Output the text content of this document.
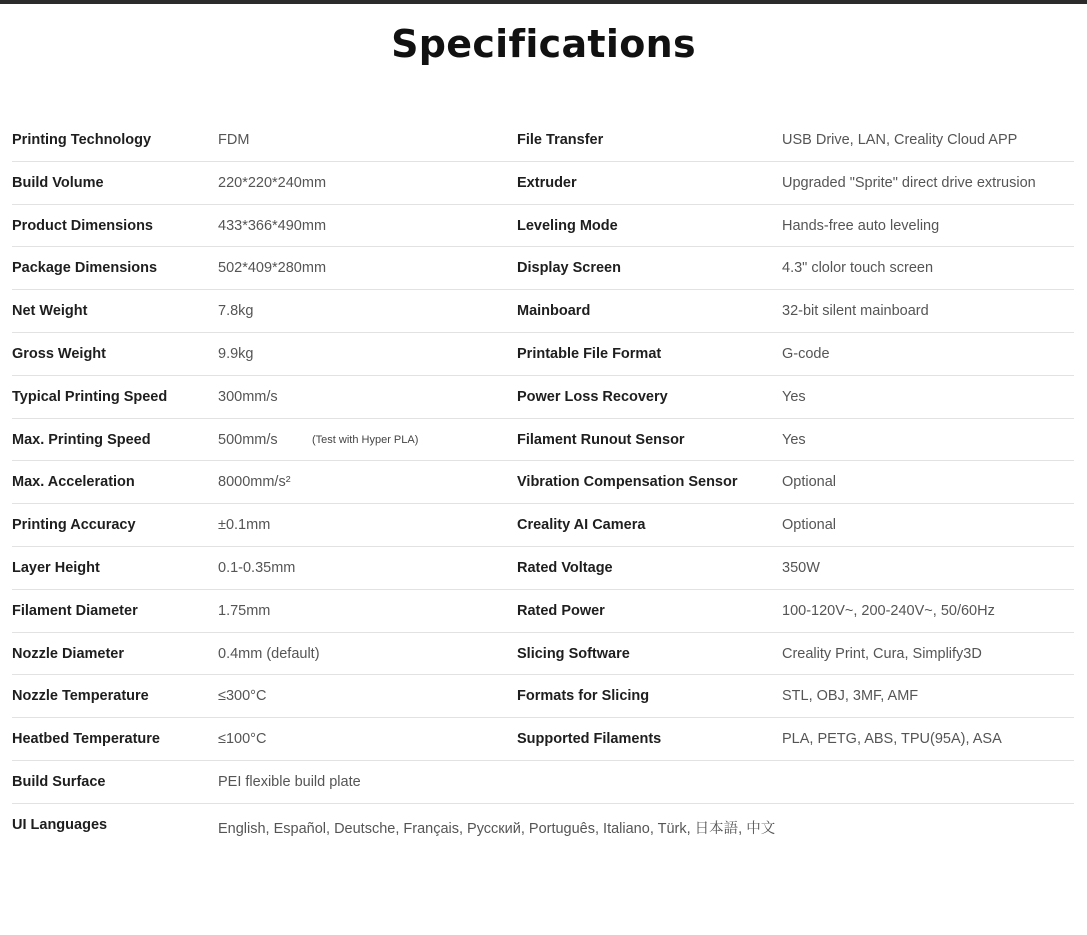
Specifications
Printing Technology	FDM	File Transfer	USB Drive, LAN, Creality Cloud APP
Build Volume	220*220*240mm	Extruder	Upgraded "Sprite" direct drive extrusion
Product Dimensions	433*366*490mm	Leveling Mode	Hands-free auto leveling
Package Dimensions	502*409*280mm	Display Screen	4.3" clolor touch screen
Net Weight	7.8kg	Mainboard	32-bit silent mainboard
Gross Weight	9.9kg	Printable File Format	G-code
Typical Printing Speed	300mm/s	Power Loss Recovery	Yes
Max. Printing Speed	500mm/s	(Test with Hyper PLA)	Filament Runout Sensor	Yes
Max. Acceleration	8000mm/s²	Vibration Compensation Sensor	Optional
Printing Accuracy	±0.1mm	Creality AI Camera	Optional
Layer Height	0.1-0.35mm	Rated Voltage	350W
Filament Diameter	1.75mm	Rated Power	100-120V~, 200-240V~, 50/60Hz
Nozzle Diameter	0.4mm (default)	Slicing Software	Creality Print, Cura, Simplify3D
Nozzle Temperature	≤300°C	Formats for Slicing	STL, OBJ, 3MF, AMF
Heatbed Temperature	≤100°C	Supported Filaments	PLA, PETG, ABS, TPU(95A), ASA
Build Surface	PEI flexible build plate
UI Languages	English, Español, Deutsche, Français, Русский, Português, Italiano, Türk, 日本語, 中文
